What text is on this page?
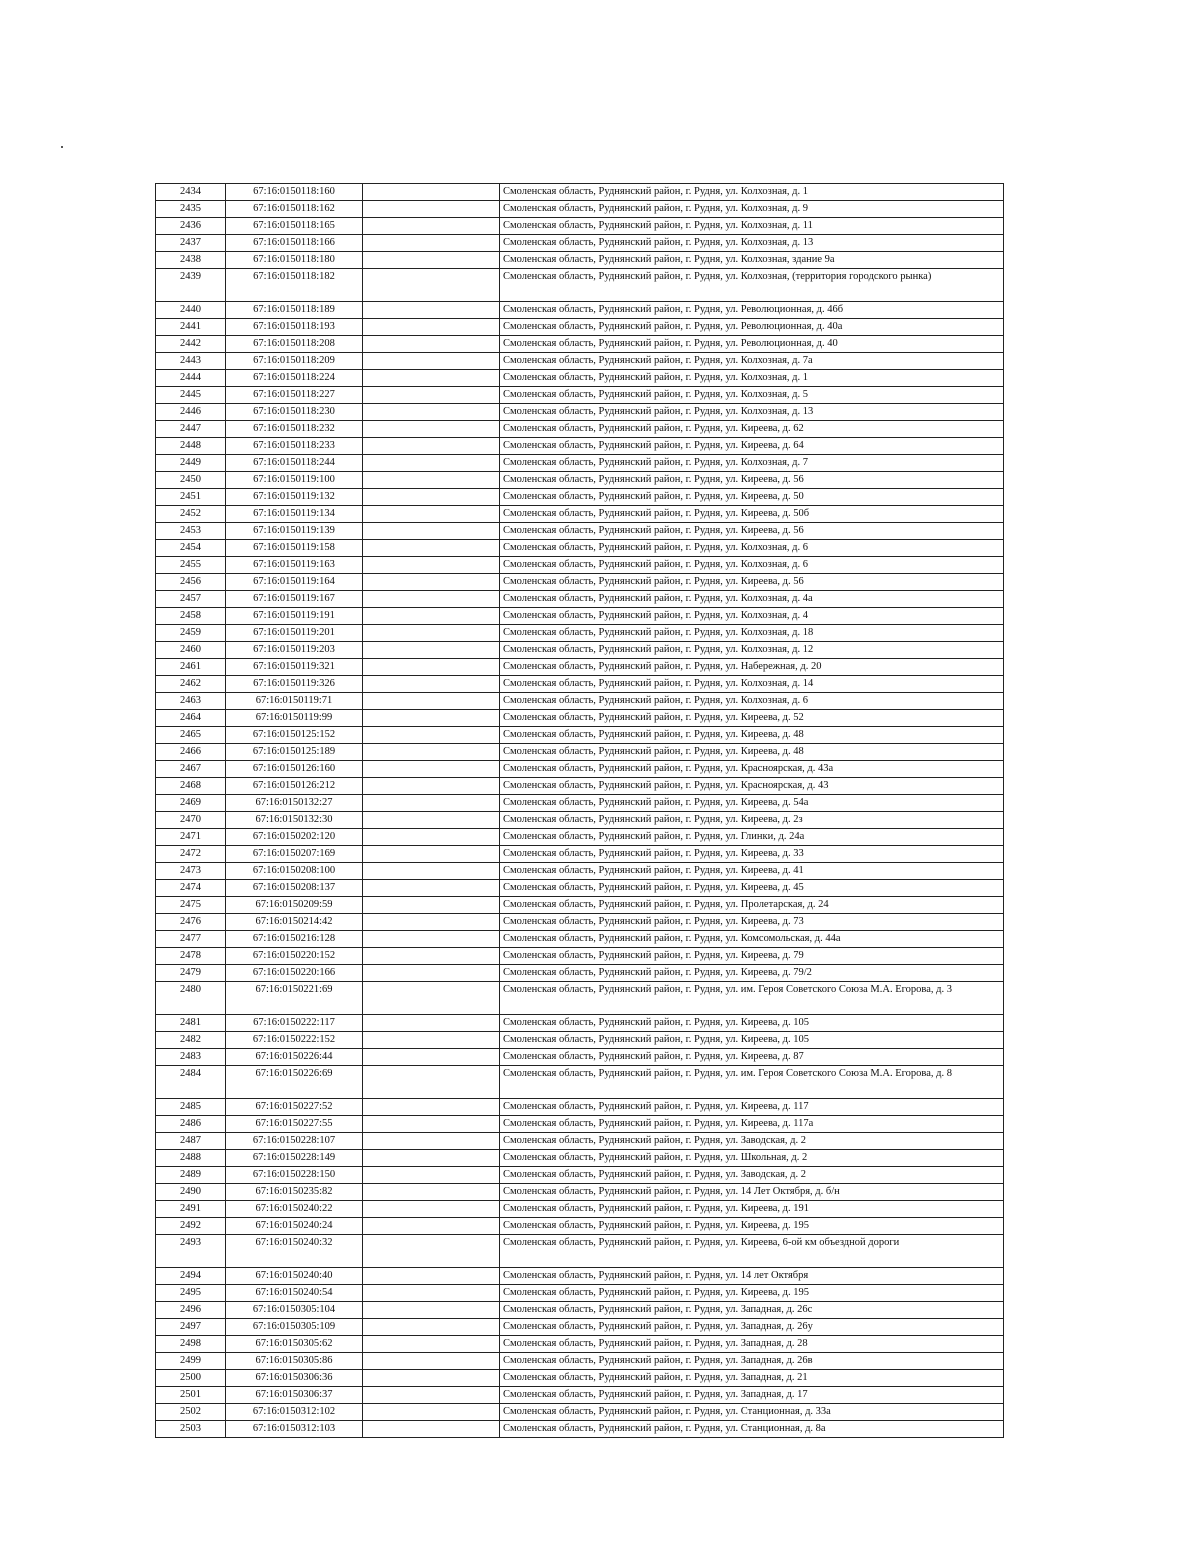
2434	67:16:0150118:160		Смоленская область, Руднянский район, г. Рудня, ул. Колхозная, д. 1
2435	67:16:0150118:162		Смоленская область, Руднянский район, г. Рудня, ул. Колхозная, д. 9
2436	67:16:0150118:165		Смоленская область, Руднянский район, г. Рудня, ул. Колхозная, д. 11
2437	67:16:0150118:166		Смоленская область, Руднянский район, г. Рудня, ул. Колхозная, д. 13
2438	67:16:0150118:180		Смоленская область, Руднянский район, г. Рудня, ул. Колхозная, здание 9а
2439	67:16:0150118:182		Смоленская область, Руднянский район, г. Рудня, ул. Колхозная, (территория городского рынка)
2440	67:16:0150118:189		Смоленская область, Руднянский район, г. Рудня, ул. Революционная, д. 46б
2441	67:16:0150118:193		Смоленская область, Руднянский район, г. Рудня, ул. Революционная, д. 40а
2442	67:16:0150118:208		Смоленская область, Руднянский район, г. Рудня, ул. Революционная, д. 40
2443	67:16:0150118:209		Смоленская область, Руднянский район, г. Рудня, ул. Колхозная, д. 7а
2444	67:16:0150118:224		Смоленская область, Руднянский район, г. Рудня, ул. Колхозная, д. 1
2445	67:16:0150118:227		Смоленская область, Руднянский район, г. Рудня, ул. Колхозная, д. 5
2446	67:16:0150118:230		Смоленская область, Руднянский район, г. Рудня, ул. Колхозная, д. 13
2447	67:16:0150118:232		Смоленская область, Руднянский район, г. Рудня, ул. Киреева, д. 62
2448	67:16:0150118:233		Смоленская область, Руднянский район, г. Рудня, ул. Киреева, д. 64
2449	67:16:0150118:244		Смоленская область, Руднянский район, г. Рудня, ул. Колхозная, д. 7
2450	67:16:0150119:100		Смоленская область, Руднянский район, г. Рудня, ул. Киреева, д. 56
2451	67:16:0150119:132		Смоленская область, Руднянский район, г. Рудня, ул. Киреева, д. 50
2452	67:16:0150119:134		Смоленская область, Руднянский район, г. Рудня, ул. Киреева, д. 50б
2453	67:16:0150119:139		Смоленская область, Руднянский район, г. Рудня, ул. Киреева, д. 56
2454	67:16:0150119:158		Смоленская область, Руднянский район, г. Рудня, ул. Колхозная, д. 6
2455	67:16:0150119:163		Смоленская область, Руднянский район, г. Рудня, ул. Колхозная, д. 6
2456	67:16:0150119:164		Смоленская область, Руднянский район, г. Рудня, ул. Киреева, д. 56
2457	67:16:0150119:167		Смоленская область, Руднянский район, г. Рудня, ул. Колхозная, д. 4а
2458	67:16:0150119:191		Смоленская область, Руднянский район, г. Рудня, ул. Колхозная, д. 4
2459	67:16:0150119:201		Смоленская область, Руднянский район, г. Рудня, ул. Колхозная, д. 18
2460	67:16:0150119:203		Смоленская область, Руднянский район, г. Рудня, ул. Колхозная, д. 12
2461	67:16:0150119:321		Смоленская область, Руднянский район, г. Рудня, ул. Набережная, д. 20
2462	67:16:0150119:326		Смоленская область, Руднянский район, г. Рудня, ул. Колхозная, д. 14
2463	67:16:0150119:71		Смоленская область, Руднянский район, г. Рудня, ул. Колхозная, д. 6
2464	67:16:0150119:99		Смоленская область, Руднянский район, г. Рудня, ул. Киреева, д. 52
2465	67:16:0150125:152		Смоленская область, Руднянский район, г. Рудня, ул. Киреева, д. 48
2466	67:16:0150125:189		Смоленская область, Руднянский район, г. Рудня, ул. Киреева, д. 48
2467	67:16:0150126:160		Смоленская область, Руднянский район, г. Рудня, ул. Красноярская, д. 43а
2468	67:16:0150126:212		Смоленская область, Руднянский район, г. Рудня, ул. Красноярская, д. 43
2469	67:16:0150132:27		Смоленская область, Руднянский район, г. Рудня, ул. Киреева, д. 54а
2470	67:16:0150132:30		Смоленская область, Руднянский район, г. Рудня, ул. Киреева, д. 2з
2471	67:16:0150202:120		Смоленская область, Руднянский район, г. Рудня, ул. Глинки, д. 24а
2472	67:16:0150207:169		Смоленская область, Руднянский район, г. Рудня, ул. Киреева, д. 33
2473	67:16:0150208:100		Смоленская область, Руднянский район, г. Рудня, ул. Киреева, д. 41
2474	67:16:0150208:137		Смоленская область, Руднянский район, г. Рудня, ул. Киреева, д. 45
2475	67:16:0150209:59		Смоленская область, Руднянский район, г. Рудня, ул. Пролетарская, д. 24
2476	67:16:0150214:42		Смоленская область, Руднянский район, г. Рудня, ул. Киреева, д. 73
2477	67:16:0150216:128		Смоленская область, Руднянский район, г. Рудня, ул. Комсомольская, д. 44а
2478	67:16:0150220:152		Смоленская область, Руднянский район, г. Рудня, ул. Киреева, д. 79
2479	67:16:0150220:166		Смоленская область, Руднянский район, г. Рудня, ул. Киреева, д. 79/2
2480	67:16:0150221:69		Смоленская область, Руднянский район, г. Рудня, ул. им. Героя Советского Союза М.А. Егорова, д. 3
2481	67:16:0150222:117		Смоленская область, Руднянский район, г. Рудня, ул. Киреева, д. 105
2482	67:16:0150222:152		Смоленская область, Руднянский район, г. Рудня, ул. Киреева, д. 105
2483	67:16:0150226:44		Смоленская область, Руднянский район, г. Рудня, ул. Киреева, д. 87
2484	67:16:0150226:69		Смоленская область, Руднянский район, г. Рудня, ул. им. Героя Советского Союза М.А. Егорова, д. 8
2485	67:16:0150227:52		Смоленская область, Руднянский район, г. Рудня, ул. Киреева, д. 117
2486	67:16:0150227:55		Смоленская область, Руднянский район, г. Рудня, ул. Киреева, д. 117а
2487	67:16:0150228:107		Смоленская область, Руднянский район, г. Рудня, ул. Заводская, д. 2
2488	67:16:0150228:149		Смоленская область, Руднянский район, г. Рудня, ул. Школьная, д. 2
2489	67:16:0150228:150		Смоленская область, Руднянский район, г. Рудня, ул. Заводская, д. 2
2490	67:16:0150235:82		Смоленская область, Руднянский район, г. Рудня, ул. 14 Лет Октября, д. б/н
2491	67:16:0150240:22		Смоленская область, Руднянский район, г. Рудня, ул. Киреева, д. 191
2492	67:16:0150240:24		Смоленская область, Руднянский район, г. Рудня, ул. Киреева, д. 195
2493	67:16:0150240:32		Смоленская область, Руднянский район, г. Рудня, ул. Киреева, 6-ой км объездной дороги
2494	67:16:0150240:40		Смоленская область, Руднянский район, г. Рудня, ул. 14 лет Октября
2495	67:16:0150240:54		Смоленская область, Руднянский район, г. Рудня, ул. Киреева, д. 195
2496	67:16:0150305:104		Смоленская область, Руднянский район, г. Рудня, ул. Западная, д. 26с
2497	67:16:0150305:109		Смоленская область, Руднянский район, г. Рудня, ул. Западная, д. 26у
2498	67:16:0150305:62		Смоленская область, Руднянский район, г. Рудня, ул. Западная, д. 28
2499	67:16:0150305:86		Смоленская область, Руднянский район, г. Рудня, ул. Западная, д. 26в
2500	67:16:0150306:36		Смоленская область, Руднянский район, г. Рудня, ул. Западная, д. 21
2501	67:16:0150306:37		Смоленская область, Руднянский район, г. Рудня, ул. Западная, д. 17
2502	67:16:0150312:102		Смоленская область, Руднянский район, г. Рудня, ул. Станционная, д. 33а
2503	67:16:0150312:103		Смоленская область, Руднянский район, г. Рудня, ул. Станционная, д. 8а
